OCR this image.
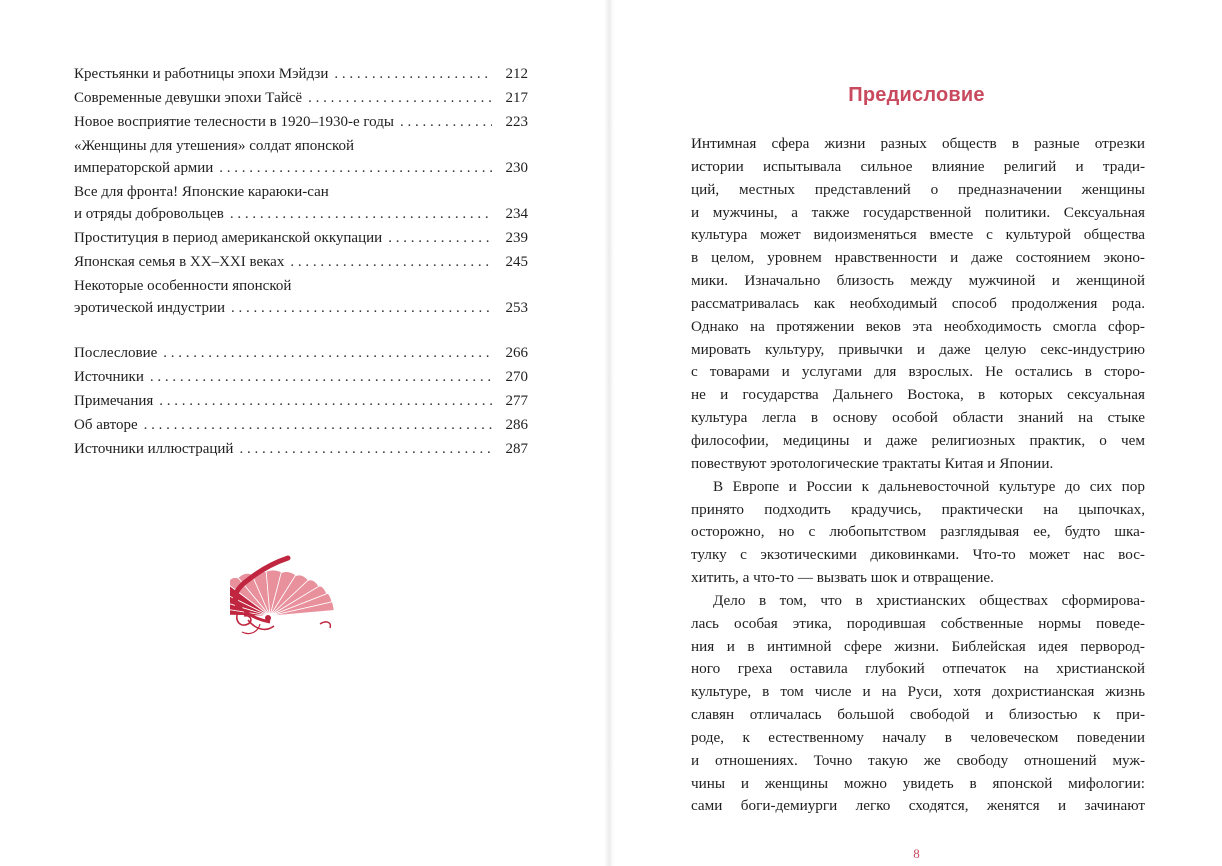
Крестьянки и работницы эпохи Мэйдзи . . .	212
Современные девушки эпохи Тайсё . . .	217
Новое восприятие телесности в 1920–1930-е годы . . .	223
«Женщины для утешения» солдат японской
императорской армии . . .	230
Все для фронта! Японские караюки-сан
и отряды добровольцев . . .	234
Проституция в период американской оккупации . . .	239
Японская семья в XX–XXI веках . . .	245
Некоторые особенности японской
эротической индустрии . . .	253
Послесловие . . .	266
Источники . . .	270
Примечания . . .	277
Об авторе . . .	286
Источники иллюстраций . . .	287
Предисловие

Интимная сфера жизни разных обществ в разные отрезки
истории испытывала сильное влияние религий и тради-
ций, местных представлений о предназначении женщины
и мужчины, а также государственной политики. Сексуальная
культура может видоизменяться вместе с культурой общества
в целом, уровнем нравственности и даже состоянием эконо-
мики. Изначально близость между мужчиной и женщиной
рассматривалась как необходимый способ продолжения рода.
Однако на протяжении веков эта необходимость смогла сфор-
мировать культуру, привычки и даже целую секс-индустрию
с товарами и услугами для взрослых. Не остались в сторо-
не и государства Дальнего Востока, в которых сексуальная
культура легла в основу особой области знаний на стыке
философии, медицины и даже религиозных практик, о чем
повествуют эротологические трактаты Китая и Японии.

В Европе и России к дальневосточной культуре до сих пор
принято подходить крадучись, практически на цыпочках,
осторожно, но с любопытством разглядывая ее, будто шка-
тулку с экзотическими диковинками. Что-то может нас вос-
хитить, а что-то — вызвать шок и отвращение.

Дело в том, что в христианских обществах сформирова-
лась особая этика, породившая собственные нормы поведе-
ния и в интимной сфере жизни. Библейская идея первород-
ного греха оставила глубокий отпечаток на христианской
культуре, в том числе и на Руси, хотя дохристианская жизнь
славян отличалась большой свободой и близостью к при-
роде, к естественному началу в человеческом поведении
и отношениях. Точно такую же свободу отношений муж-
чины и женщины можно увидеть в японской мифологии:
сами боги-демиурги легко сходятся, женятся и зачинают

8
